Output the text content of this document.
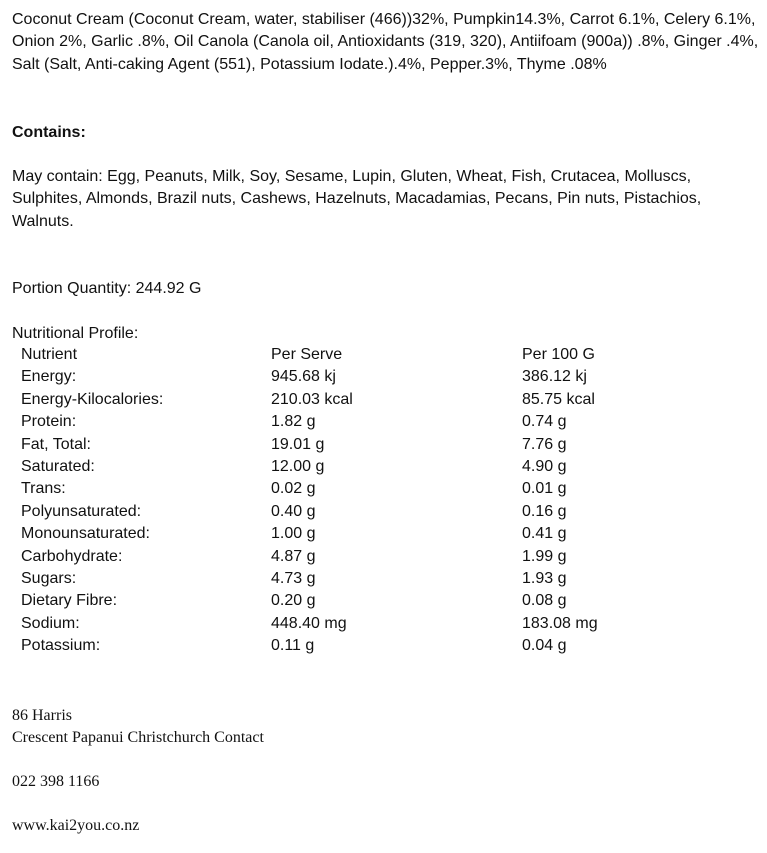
Coconut Cream (Coconut Cream, water, stabiliser (466))32%, Pumpkin14.3%, Carrot 6.1%, Celery 6.1%, Onion 2%, Garlic .8%, Oil Canola (Canola oil, Antioxidants (319, 320), Antiifoam (900a)) .8%, Ginger .4%, Salt (Salt, Anti-caking Agent (551), Potassium Iodate.).4%, Pepper.3%, Thyme .08%

Contains:

May contain: Egg, Peanuts, Milk, Soy, Sesame, Lupin, Gluten, Wheat, Fish, Crutacea, Molluscs, Sulphites, Almonds, Brazil nuts, Cashews, Hazelnuts, Macadamias, Pecans, Pin nuts, Pistachios, Walnuts.

Portion Quantity: 244.92 G

Nutritional Profile:

Nutrient	Per Serve	Per 100 G
Energy:	945.68 kj	386.12 kj
Energy-Kilocalories:	210.03 kcal	85.75 kcal
Protein:	1.82 g	0.74 g
Fat, Total:	19.01 g	7.76 g
Saturated:	12.00 g	4.90 g
Trans:	0.02 g	0.01 g
Polyunsaturated:	0.40 g	0.16 g
Monounsaturated:	1.00 g	0.41 g
Carbohydrate:	4.87 g	1.99 g
Sugars:	4.73 g	1.93 g
Dietary Fibre:	0.20 g	0.08 g
Sodium:	448.40 mg	183.08 mg
Potassium:	0.11 g	0.04 g

86 Harris

Crescent Papanui Christchurch Contact

022 398 1166

www.kai2you.co.nz
